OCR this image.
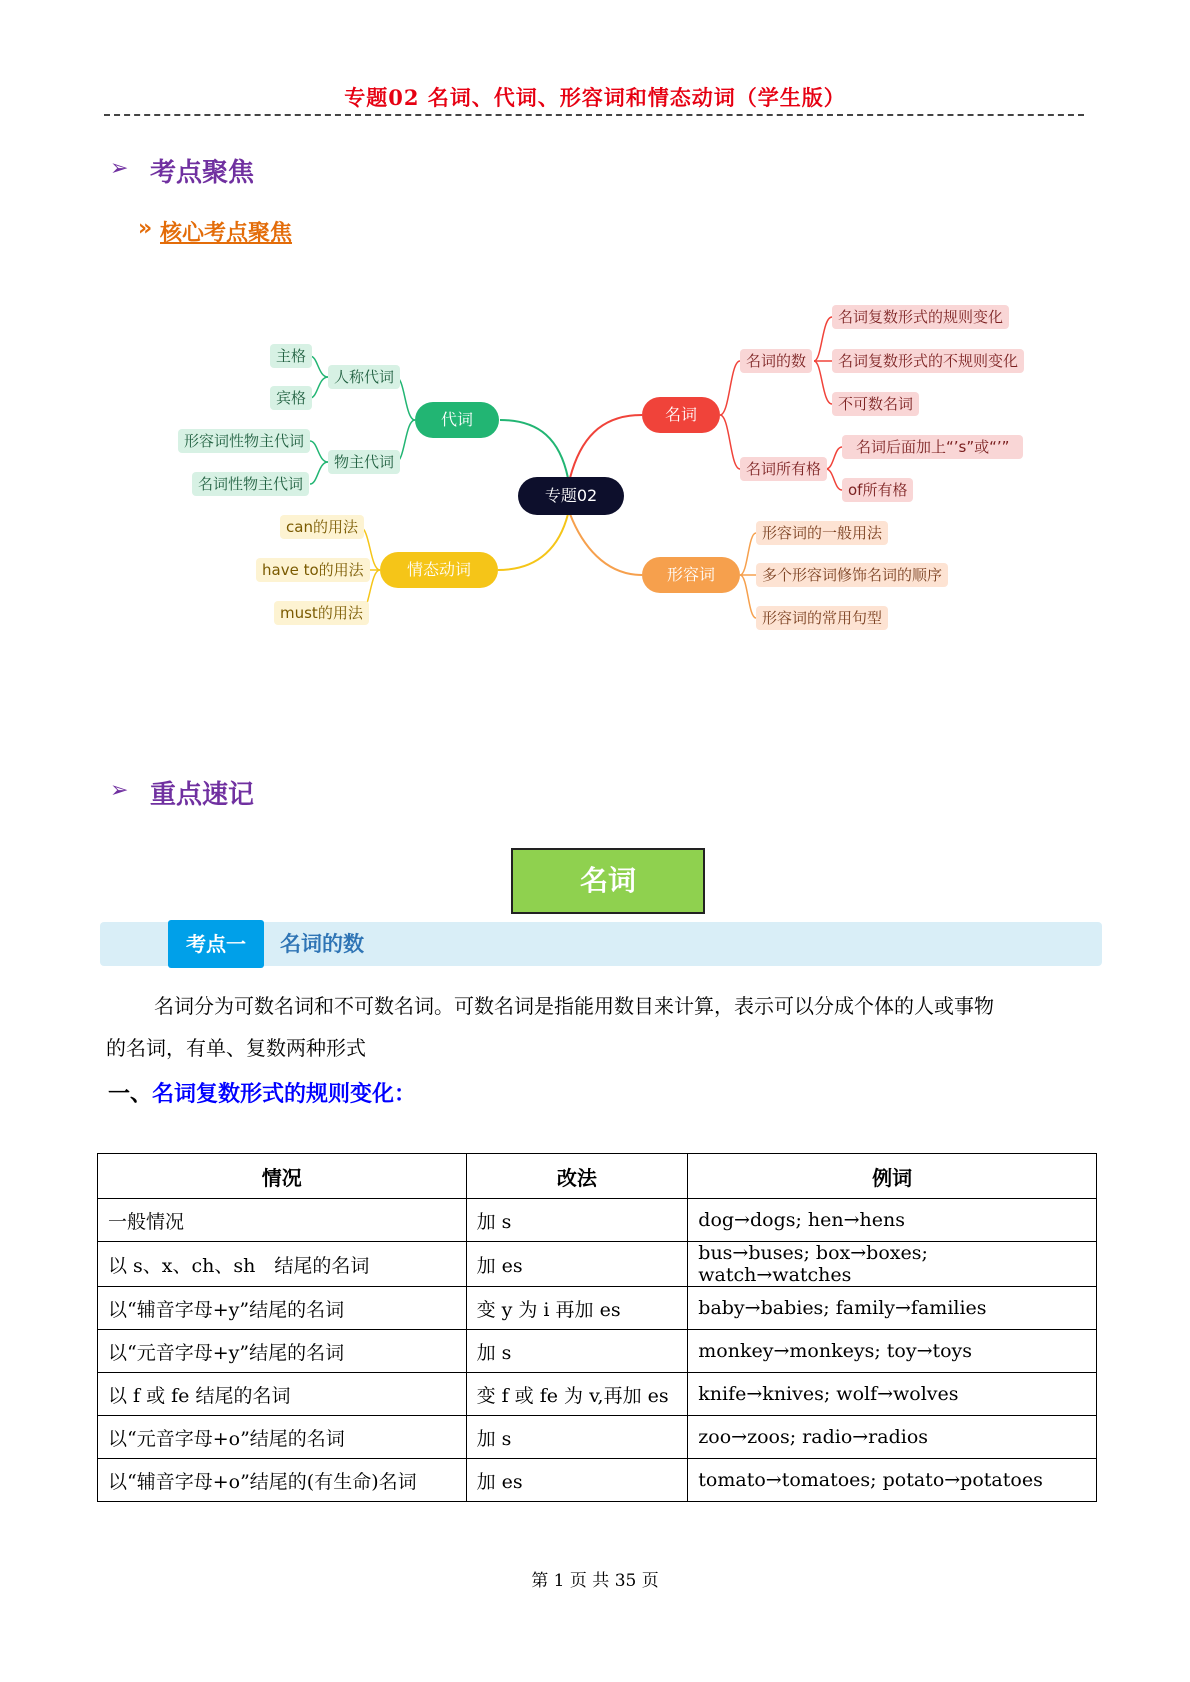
专题02 名词、代词、形容词和情态动词（学生版）
➢ 考点聚焦
» 核心考点聚焦
专题02
代词
人称代词
主格
宾格
物主代词
形容词性物主代词
名词性物主代词
情态动词
can的用法
have to的用法
must的用法
名词
名词的数
名词复数形式的规则变化
名词复数形式的不规则变化
不可数名词
名词所有格
名词后面加上“’s”或“’”
of所有格
形容词
形容词的一般用法
多个形容词修饰名词的顺序
形容词的常用句型
➢ 重点速记
名词
考点一	名词的数
名词分为可数名词和不可数名词。可数名词是指能用数目来计算，表示可以分成个体的人或事物
的名词，有单、复数两种形式
一、名词复数形式的规则变化：
情况	改法	例词
一般情况	加 s	dog→dogs; hen→hens
以 s、x、ch、sh　结尾的名词	加 es	bus→buses; box→boxes; watch→watches
以“辅音字母+y”结尾的名词	变 y 为 i 再加 es	baby→babies; family→families
以“元音字母+y”结尾的名词	加 s	monkey→monkeys; toy→toys
以 f 或 fe 结尾的名词	变 f 或 fe 为 v,再加 es	knife→knives; wolf→wolves
以“元音字母+o”结尾的名词	加 s	zoo→zoos; radio→radios
以“辅音字母+o”结尾的(有生命)名词	加 es	tomato→tomatoes; potato→potatoes
第 1 页 共 35 页
